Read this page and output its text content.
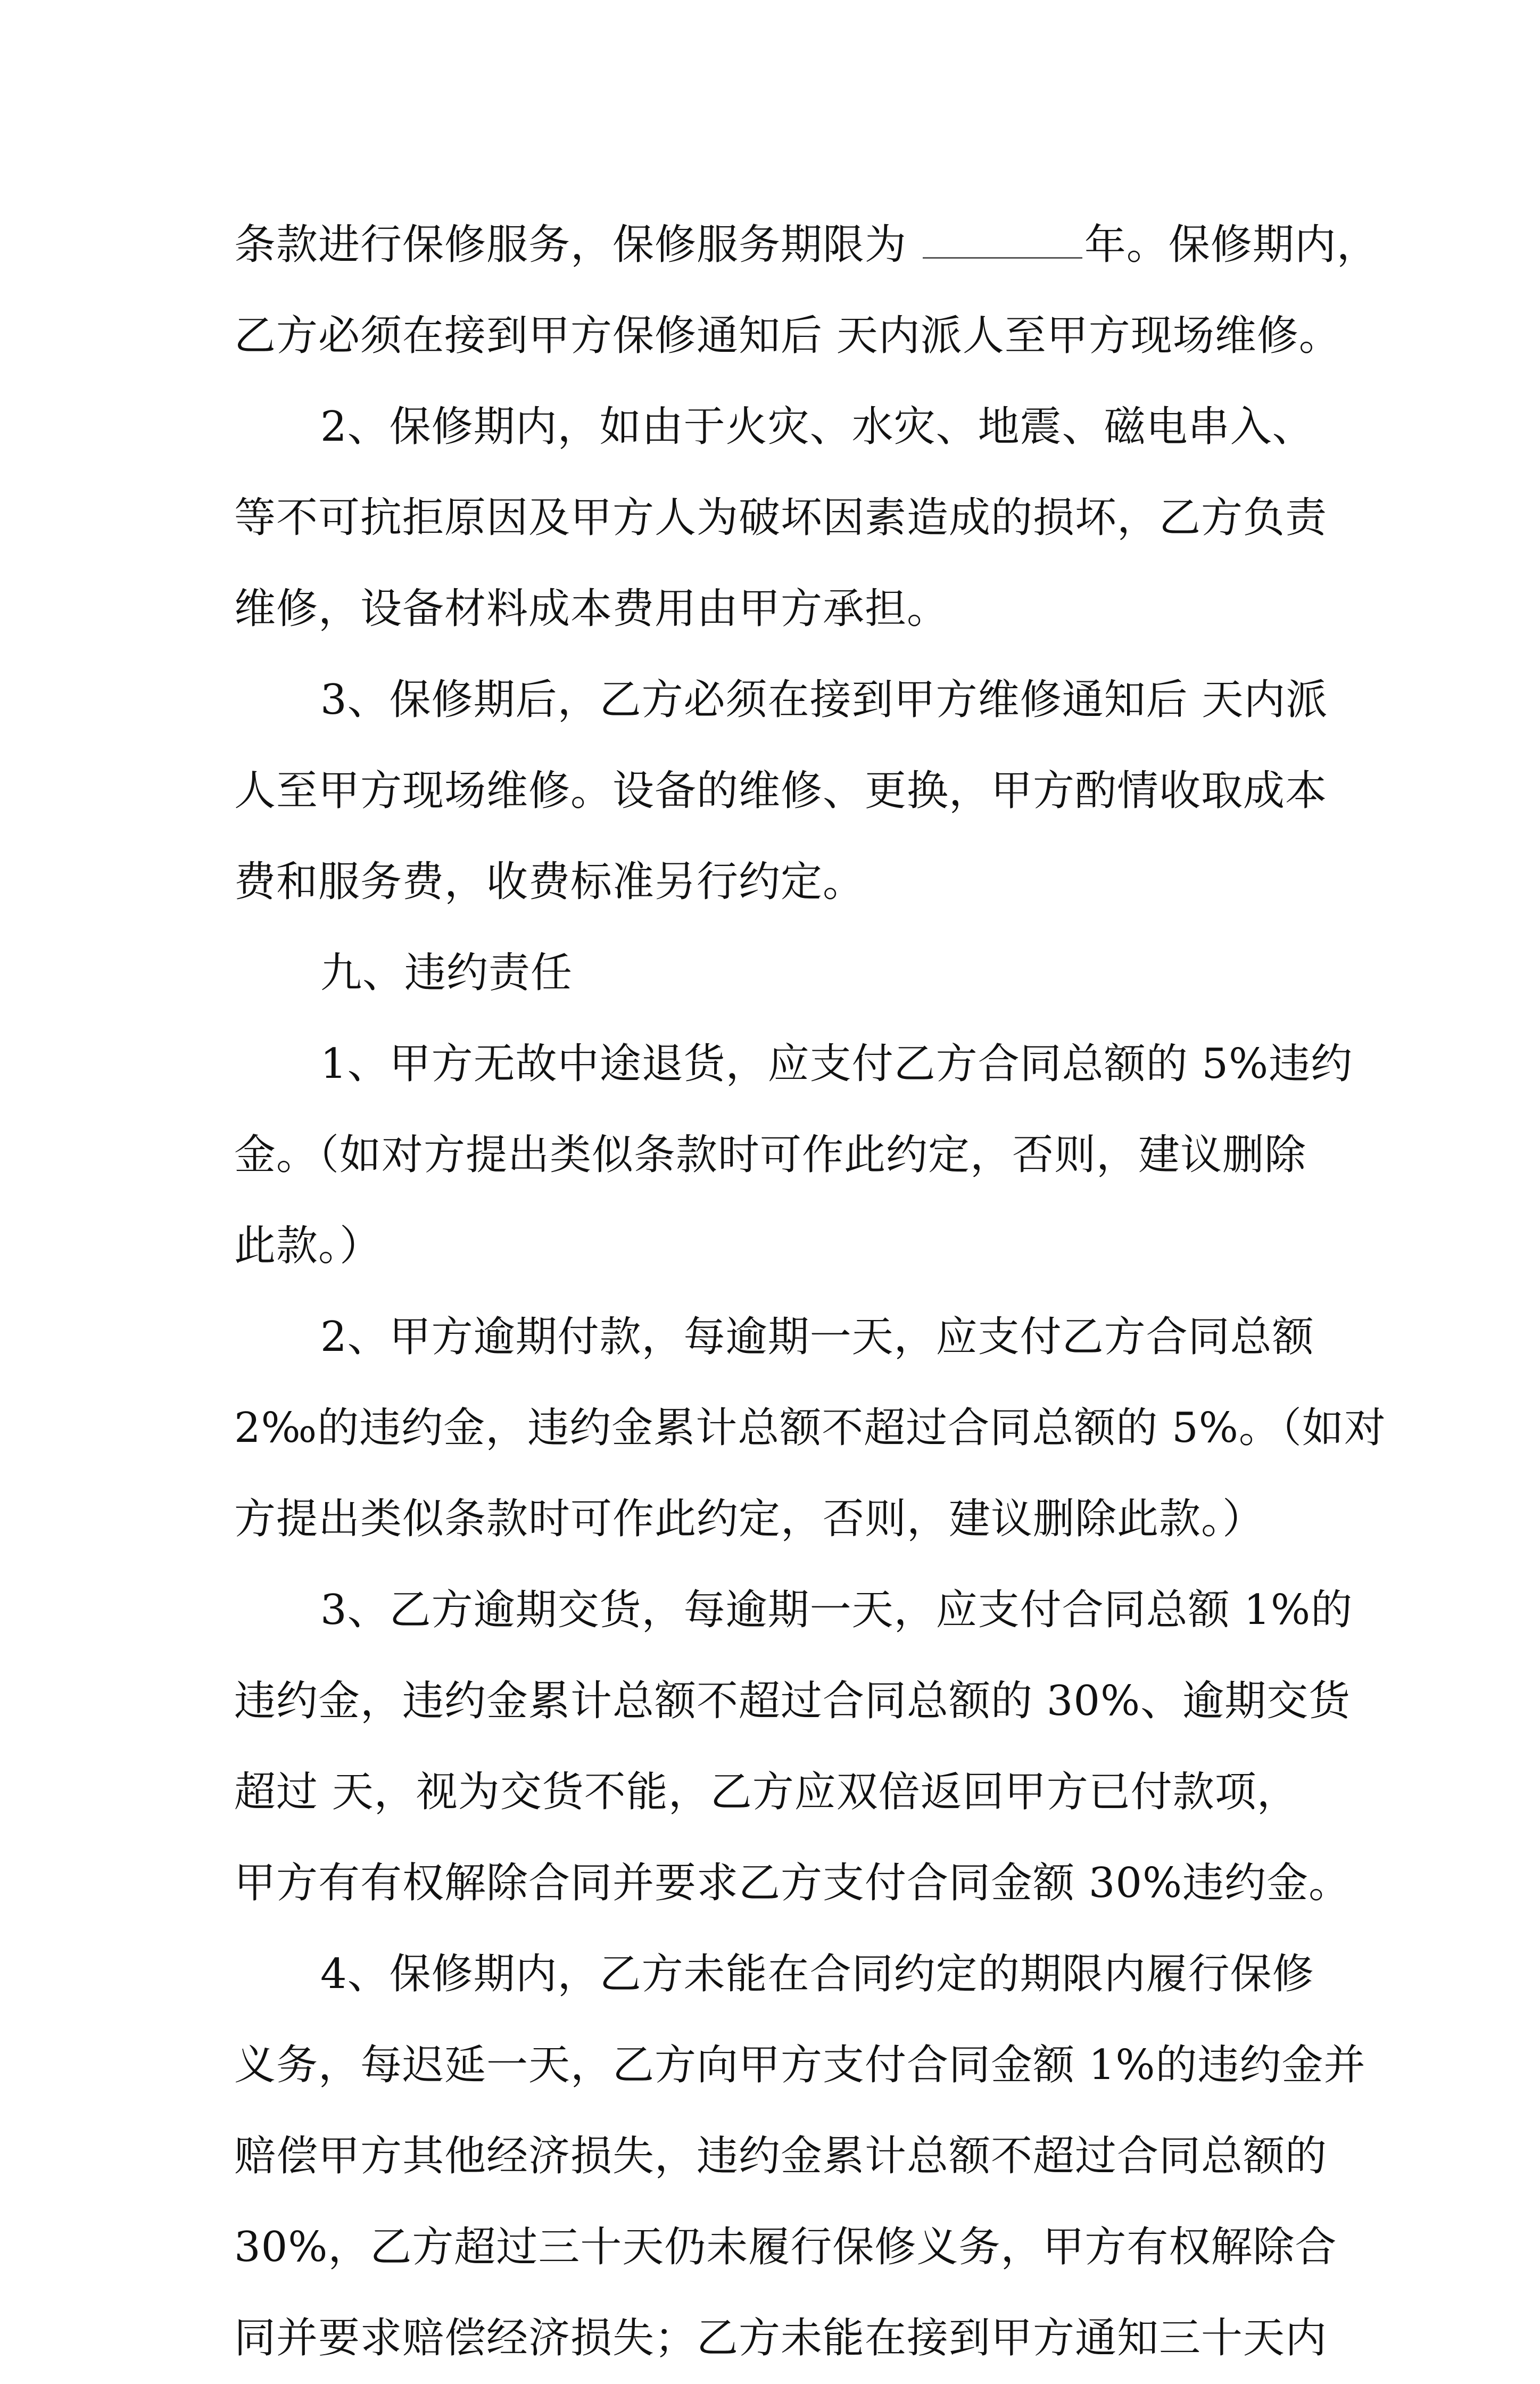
条款进行保修服务，保修服务期限为	年。保修期内，
乙方必须在接到甲方保修通知后 天内派人至甲方现场维修。
2、保修期内，如由于火灾、水灾、地震、磁电串入、
等不可抗拒原因及甲方人为破坏因素造成的损坏，乙方负责
维修，设备材料成本费用由甲方承担。
3、保修期后，乙方必须在接到甲方维修通知后 天内派
人至甲方现场维修。设备的维修、更换，甲方酌情收取成本
费和服务费，收费标准另行约定。
九、违约责任
1、甲方无故中途退货，应支付乙方合同总额的 5%违约
金。（如对方提出类似条款时可作此约定，否则，建议删除
此款。）
2、甲方逾期付款，每逾期一天，应支付乙方合同总额
2‰的违约金，违约金累计总额不超过合同总额的 5%。（如对
方提出类似条款时可作此约定，否则，建议删除此款。）
3、乙方逾期交货，每逾期一天，应支付合同总额 1%的
违约金，违约金累计总额不超过合同总额的 30%、逾期交货
超过 天，视为交货不能，乙方应双倍返回甲方已付款项，
甲方有有权解除合同并要求乙方支付合同金额 30%违约金。
4、保修期内，乙方未能在合同约定的期限内履行保修
义务，每迟延一天，乙方向甲方支付合同金额 1%的违约金并
赔偿甲方其他经济损失，违约金累计总额不超过合同总额的
30%，乙方超过三十天仍未履行保修义务，甲方有权解除合
同并要求赔偿经济损失；乙方未能在接到甲方通知三十天内
